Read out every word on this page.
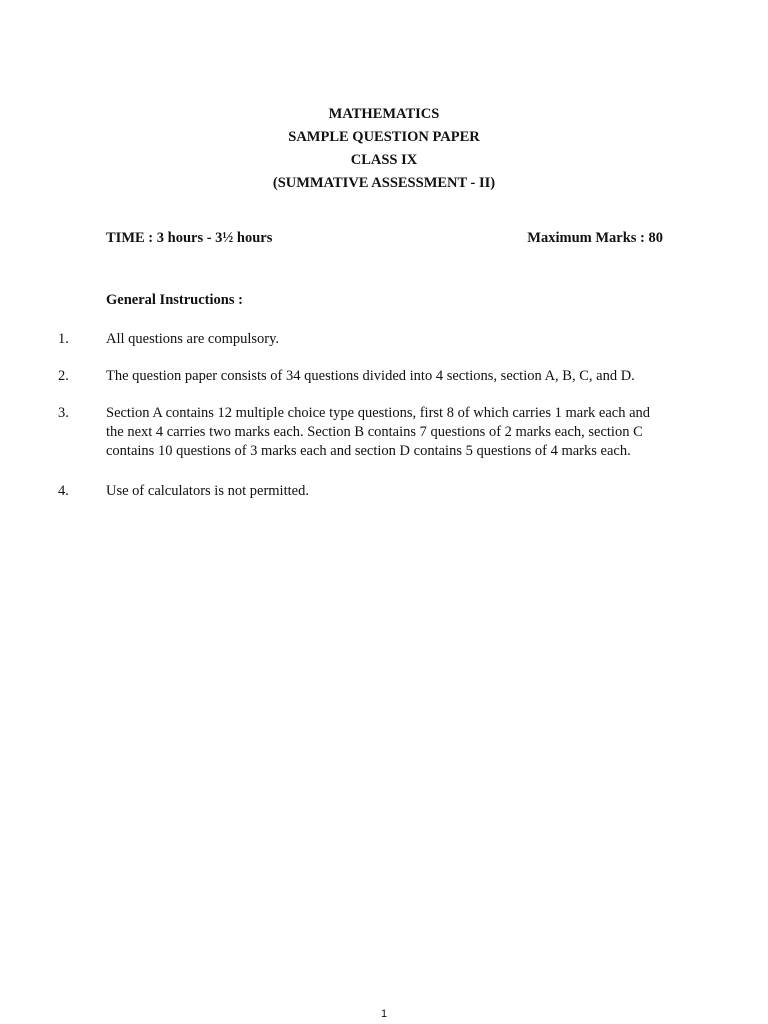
MATHEMATICS
SAMPLE QUESTION PAPER
CLASS IX
(SUMMATIVE ASSESSMENT - II)
TIME : 3 hours - 3½ hours	Maximum Marks : 80
General Instructions :
1.	All questions are compulsory.
2.	The question paper consists of 34 questions divided into 4 sections, section A, B, C, and D.
3.	Section A contains 12 multiple choice type questions, first 8 of which carries 1 mark each and the next 4 carries two marks each. Section B contains 7 questions of 2 marks each, section C contains 10 questions of 3 marks each and section D contains 5 questions of 4 marks each.
4.	Use of calculators is not permitted.
1
